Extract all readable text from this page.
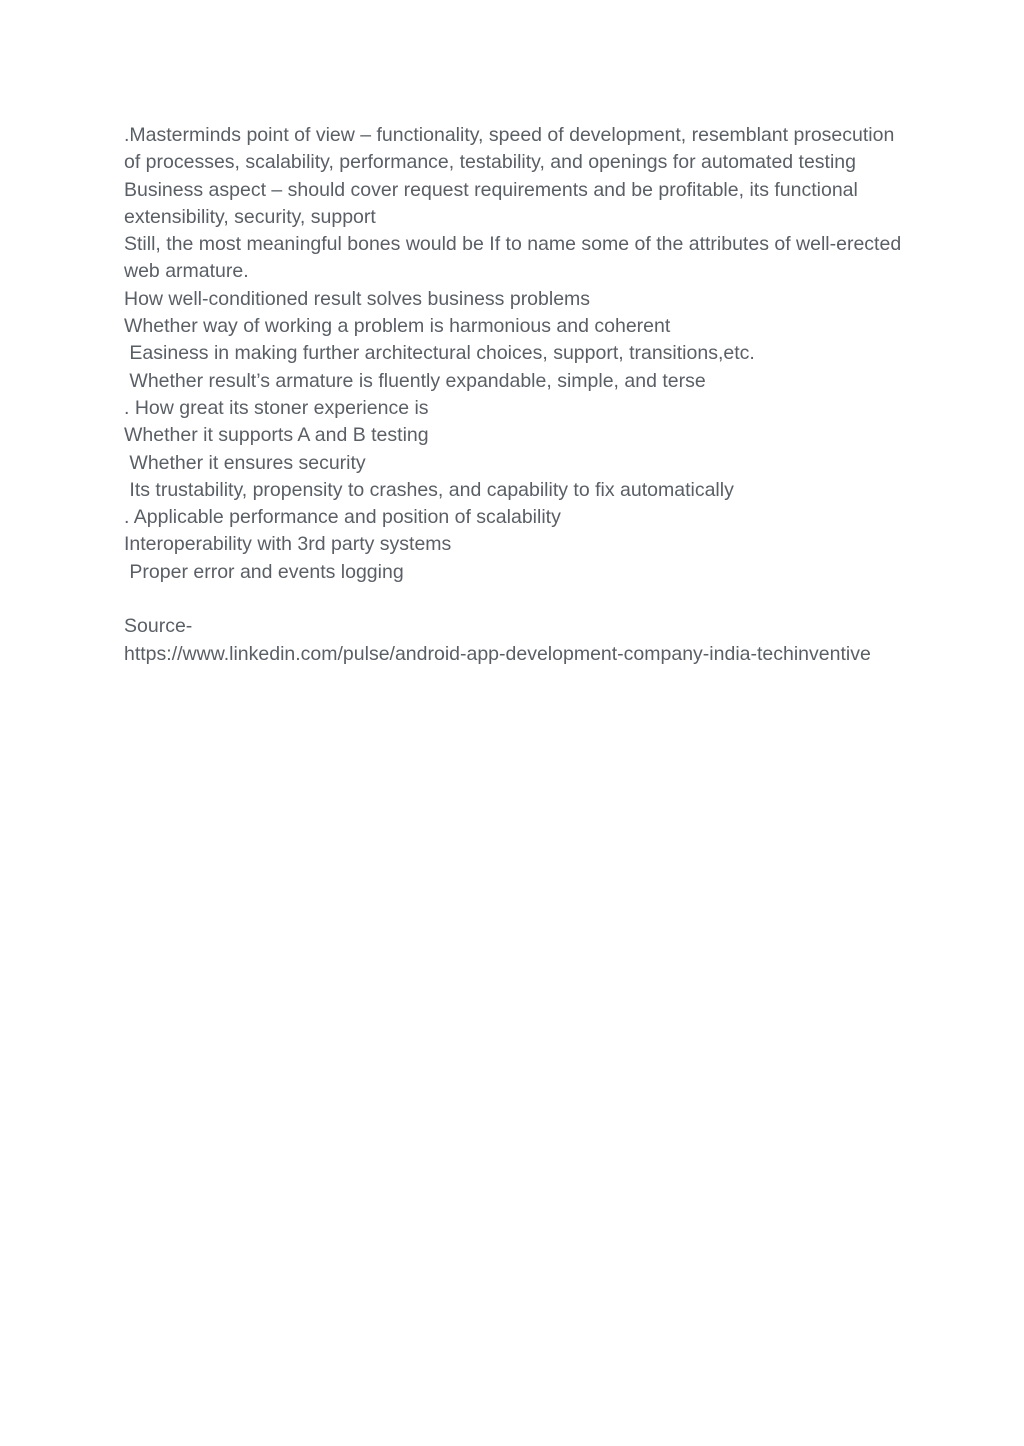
.Masterminds point of view – functionality, speed of development, resemblant prosecution of processes, scalability, performance, testability, and openings for automated testing

Business aspect – should cover request requirements and be profitable, its functional extensibility, security, support

Still, the most meaningful bones would be If to name some of the attributes of well-erected web armature.

How well-conditioned result solves business problems

Whether way of working a problem is harmonious and coherent

Easiness in making further architectural choices, support, transitions,etc.

Whether result’s armature is fluently expandable, simple, and terse

. How great its stoner experience is

Whether it supports A and B testing

Whether it ensures security

Its trustability, propensity to crashes, and capability to fix automatically

. Applicable performance and position of scalability

Interoperability with 3rd party systems

Proper error and events logging

Source-

https://www.linkedin.com/pulse/android-app-development-company-india-techinventive
